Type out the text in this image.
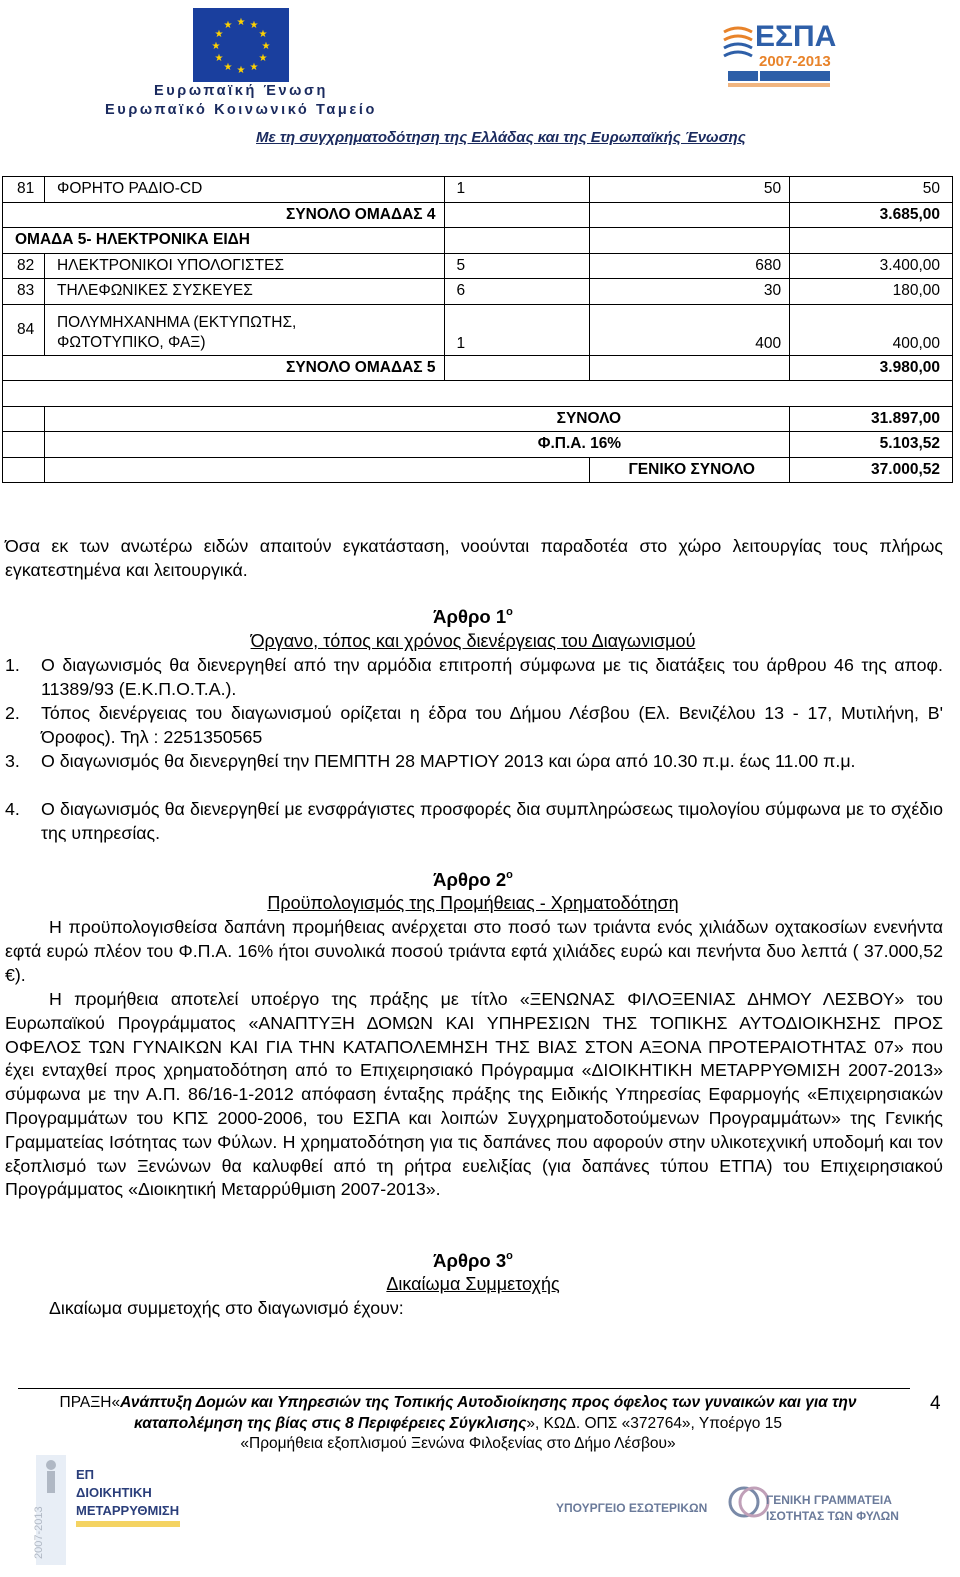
★ ★
★
★
★
★
★
★
★
★
★
★
Ευρωπαϊκή Ένωση
Ευρωπαϊκό Κοινωνικό Ταμείο
ΕΣΠΑ
2007-2013
Με τη συγχρηματοδότηση της Ελλάδας και της Ευρωπαϊκής Ένωσης
81	ΦΟΡΗΤΟ ΡΑΔΙΟ-CD	1	50	50
ΣΥΝΟΛΟ ΟΜΑΔΑΣ 4				3.685,00
ΟΜΑΔΑ 5- ΗΛΕΚΤΡΟΝΙΚΑ ΕΙΔΗ				
82	ΗΛΕΚΤΡΟΝΙΚΟΙ ΥΠΟΛΟΓΙΣΤΕΣ	5	680	3.400,00
83	ΤΗΛΕΦΩΝΙΚΕΣ ΣΥΣΚΕΥΕΣ	6	30	180,00
84	ΠΟΛΥΜΗΧΑΝΗΜΑ (ΕΚΤΥΠΩΤΗΣ,
ΦΩΤΟΤΥΠΙΚΟ, ΦΑΞ)	1	400	400,00
ΣΥΝΟΛΟ ΟΜΑΔΑΣ 5				3.980,00

	ΣΥΝΟΛΟ			31.897,00
	Φ.Π.Α. 16%			5.103,52
			ΓΕΝΙΚΟ ΣΥΝΟΛΟ	37.000,52
Όσα εκ των ανωτέρω ειδών απαιτούν εγκατάσταση, νοούνται παραδοτέα στο χώρο λειτουργίας τους πλήρως εγκατεστημένα και λειτουργικά.
Άρθρο $1^o$
Όργανο, τόπος και χρόνος διενέργειας του Διαγωνισμού
1. Ο διαγωνισμός θα διενεργηθεί από την αρμόδια επιτροπή σύμφωνα με τις διατάξεις του άρθρου 46 της αποφ. 11389/93 (Ε.Κ.Π.Ο.Τ.Α.).
2. Τόπος διενέργειας του διαγωνισμού ορίζεται η έδρα του Δήμου Λέσβου (Ελ. Βενιζέλου 13 - 17, Μυτιλήνη, Β' Όροφος). Τηλ : 2251350565
3. Ο διαγωνισμός θα διενεργηθεί την ΠΕΜΠΤΗ 28 ΜΑΡΤΙΟΥ 2013 και ώρα από 10.30 π.μ. έως 11.00 π.μ.
4. Ο διαγωνισμός θα διενεργηθεί με ενσφράγιστες προσφορές δια συμπληρώσεως τιμολογίου σύμφωνα με το σχέδιο της υπηρεσίας.
Άρθρο $2^o$
Προϋπολογισμός της Προμήθειας - Χρηματοδότηση
Η προϋπολογισθείσα δαπάνη προμήθειας ανέρχεται στο ποσό των τριάντα ενός χιλιάδων οχτακοσίων ενενήντα εφτά ευρώ πλέον του Φ.Π.Α. 16% ήτοι συνολικά ποσού τριάντα εφτά χιλιάδες ευρώ και πενήντα δυο λεπτά ( 37.000,52 €).
Η προμήθεια αποτελεί υποέργο της πράξης με τίτλο «ΞΕΝΩΝΑΣ ΦΙΛΟΞΕΝΙΑΣ ΔΗΜΟΥ ΛΕΣΒΟΥ» του Ευρωπαϊκού Προγράμματος «ΑΝΑΠΤΥΞΗ ΔΟΜΩΝ ΚΑΙ ΥΠΗΡΕΣΙΩΝ ΤΗΣ ΤΟΠΙΚΗΣ ΑΥΤΟΔΙΟΙΚΗΣΗΣ ΠΡΟΣ ΟΦΕΛΟΣ ΤΩΝ ΓΥΝΑΙΚΩΝ ΚΑΙ ΓΙΑ ΤΗΝ ΚΑΤΑΠΟΛΕΜΗΣΗ ΤΗΣ ΒΙΑΣ ΣΤΟΝ ΑΞΟΝΑ ΠΡΟΤΕΡΑΙΟΤΗΤΑΣ 07» που έχει ενταχθεί προς χρηματοδότηση από το Επιχειρησιακό Πρόγραμμα «ΔΙΟΙΚΗΤΙΚΗ ΜΕΤΑΡΡΥΘΜΙΣΗ 2007-2013» σύμφωνα με την Α.Π. 86/16-1-2012 απόφαση ένταξης πράξης της Ειδικής Υπηρεσίας Εφαρμογής «Επιχειρησιακών Προγραμμάτων του ΚΠΣ 2000-2006, του ΕΣΠΑ και λοιπών Συγχρηματοδοτούμενων Προγραμμάτων» της Γενικής Γραμματείας Ισότητας των Φύλων. Η χρηματοδότηση για τις δαπάνες που αφορούν στην υλικοτεχνική υποδομή και τον εξοπλισμό των Ξενώνων θα καλυφθεί από τη ρήτρα ευελιξίας (για δαπάνες τύπου ΕΤΠΑ) του Επιχειρησιακού Προγράμματος «Διοικητική Μεταρρύθμιση 2007-2013».
Άρθρο $3^o$
Δικαίωμα Συμμετοχής
Δικαίωμα συμμετοχής στο διαγωνισμό έχουν:
ΠΡΑΞΗ«Ανάπτυξη Δομών και Υπηρεσιών της Τοπικής Αυτοδιοίκησης προς όφελος των γυναικών και για την καταπολέμηση της βίας στις 8 Περιφέρειες Σύγκλισης», ΚΩΔ. ΟΠΣ «372764», Υποέργο 15
«Προμήθεια εξοπλισμού Ξενώνα Φιλοξενίας στο Δήμο Λέσβου»
4
2007-2013
ΕΠ
ΔΙΟΙΚΗΤΙΚΗ
ΜΕΤΑΡΡΥΘΜΙΣΗ	ΥΠΟΥΡΓΕΙΟ ΕΣΩΤΕΡΙΚΩΝ
ΓΕΝΙΚΗ ΓΡΑΜΜΑΤΕΙΑ
ΙΣΟΤΗΤΑΣ ΤΩΝ ΦΥΛΩΝ
